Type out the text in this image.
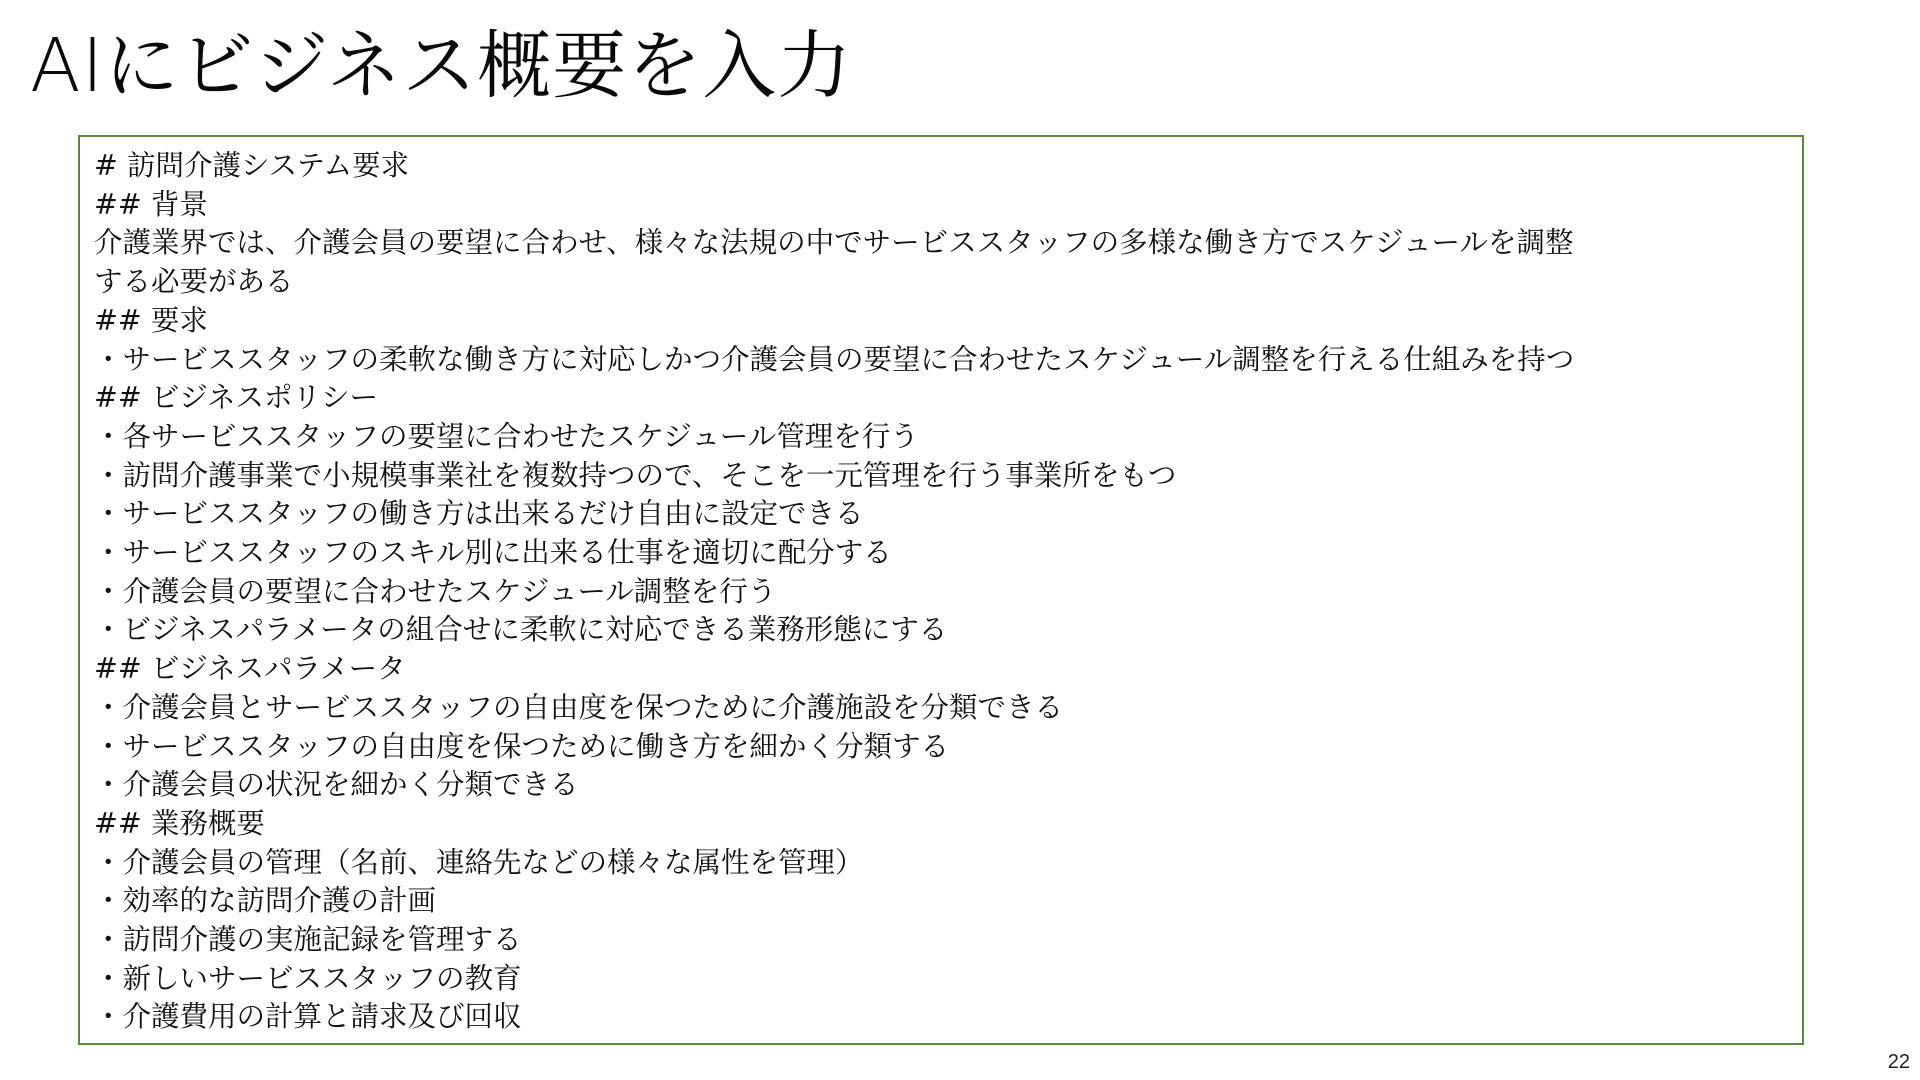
AIにビジネス概要を入力
# 訪問介護システム要求
## 背景
介護業界では、介護会員の要望に合わせ、様々な法規の中でサービススタッフの多様な働き方でスケジュールを調整
する必要がある
## 要求
・サービススタッフの柔軟な働き方に対応しかつ介護会員の要望に合わせたスケジュール調整を行える仕組みを持つ
## ビジネスポリシー
・各サービススタッフの要望に合わせたスケジュール管理を行う
・訪問介護事業で小規模事業社を複数持つので、そこを一元管理を行う事業所をもつ
・サービススタッフの働き方は出来るだけ自由に設定できる
・サービススタッフのスキル別に出来る仕事を適切に配分する
・介護会員の要望に合わせたスケジュール調整を行う
・ビジネスパラメータの組合せに柔軟に対応できる業務形態にする
## ビジネスパラメータ
・介護会員とサービススタッフの自由度を保つために介護施設を分類できる
・サービススタッフの自由度を保つために働き方を細かく分類する
・介護会員の状況を細かく分類できる
## 業務概要
・介護会員の管理（名前、連絡先などの様々な属性を管理）
・効率的な訪問介護の計画
・訪問介護の実施記録を管理する
・新しいサービススタッフの教育
・介護費用の計算と請求及び回収
22
